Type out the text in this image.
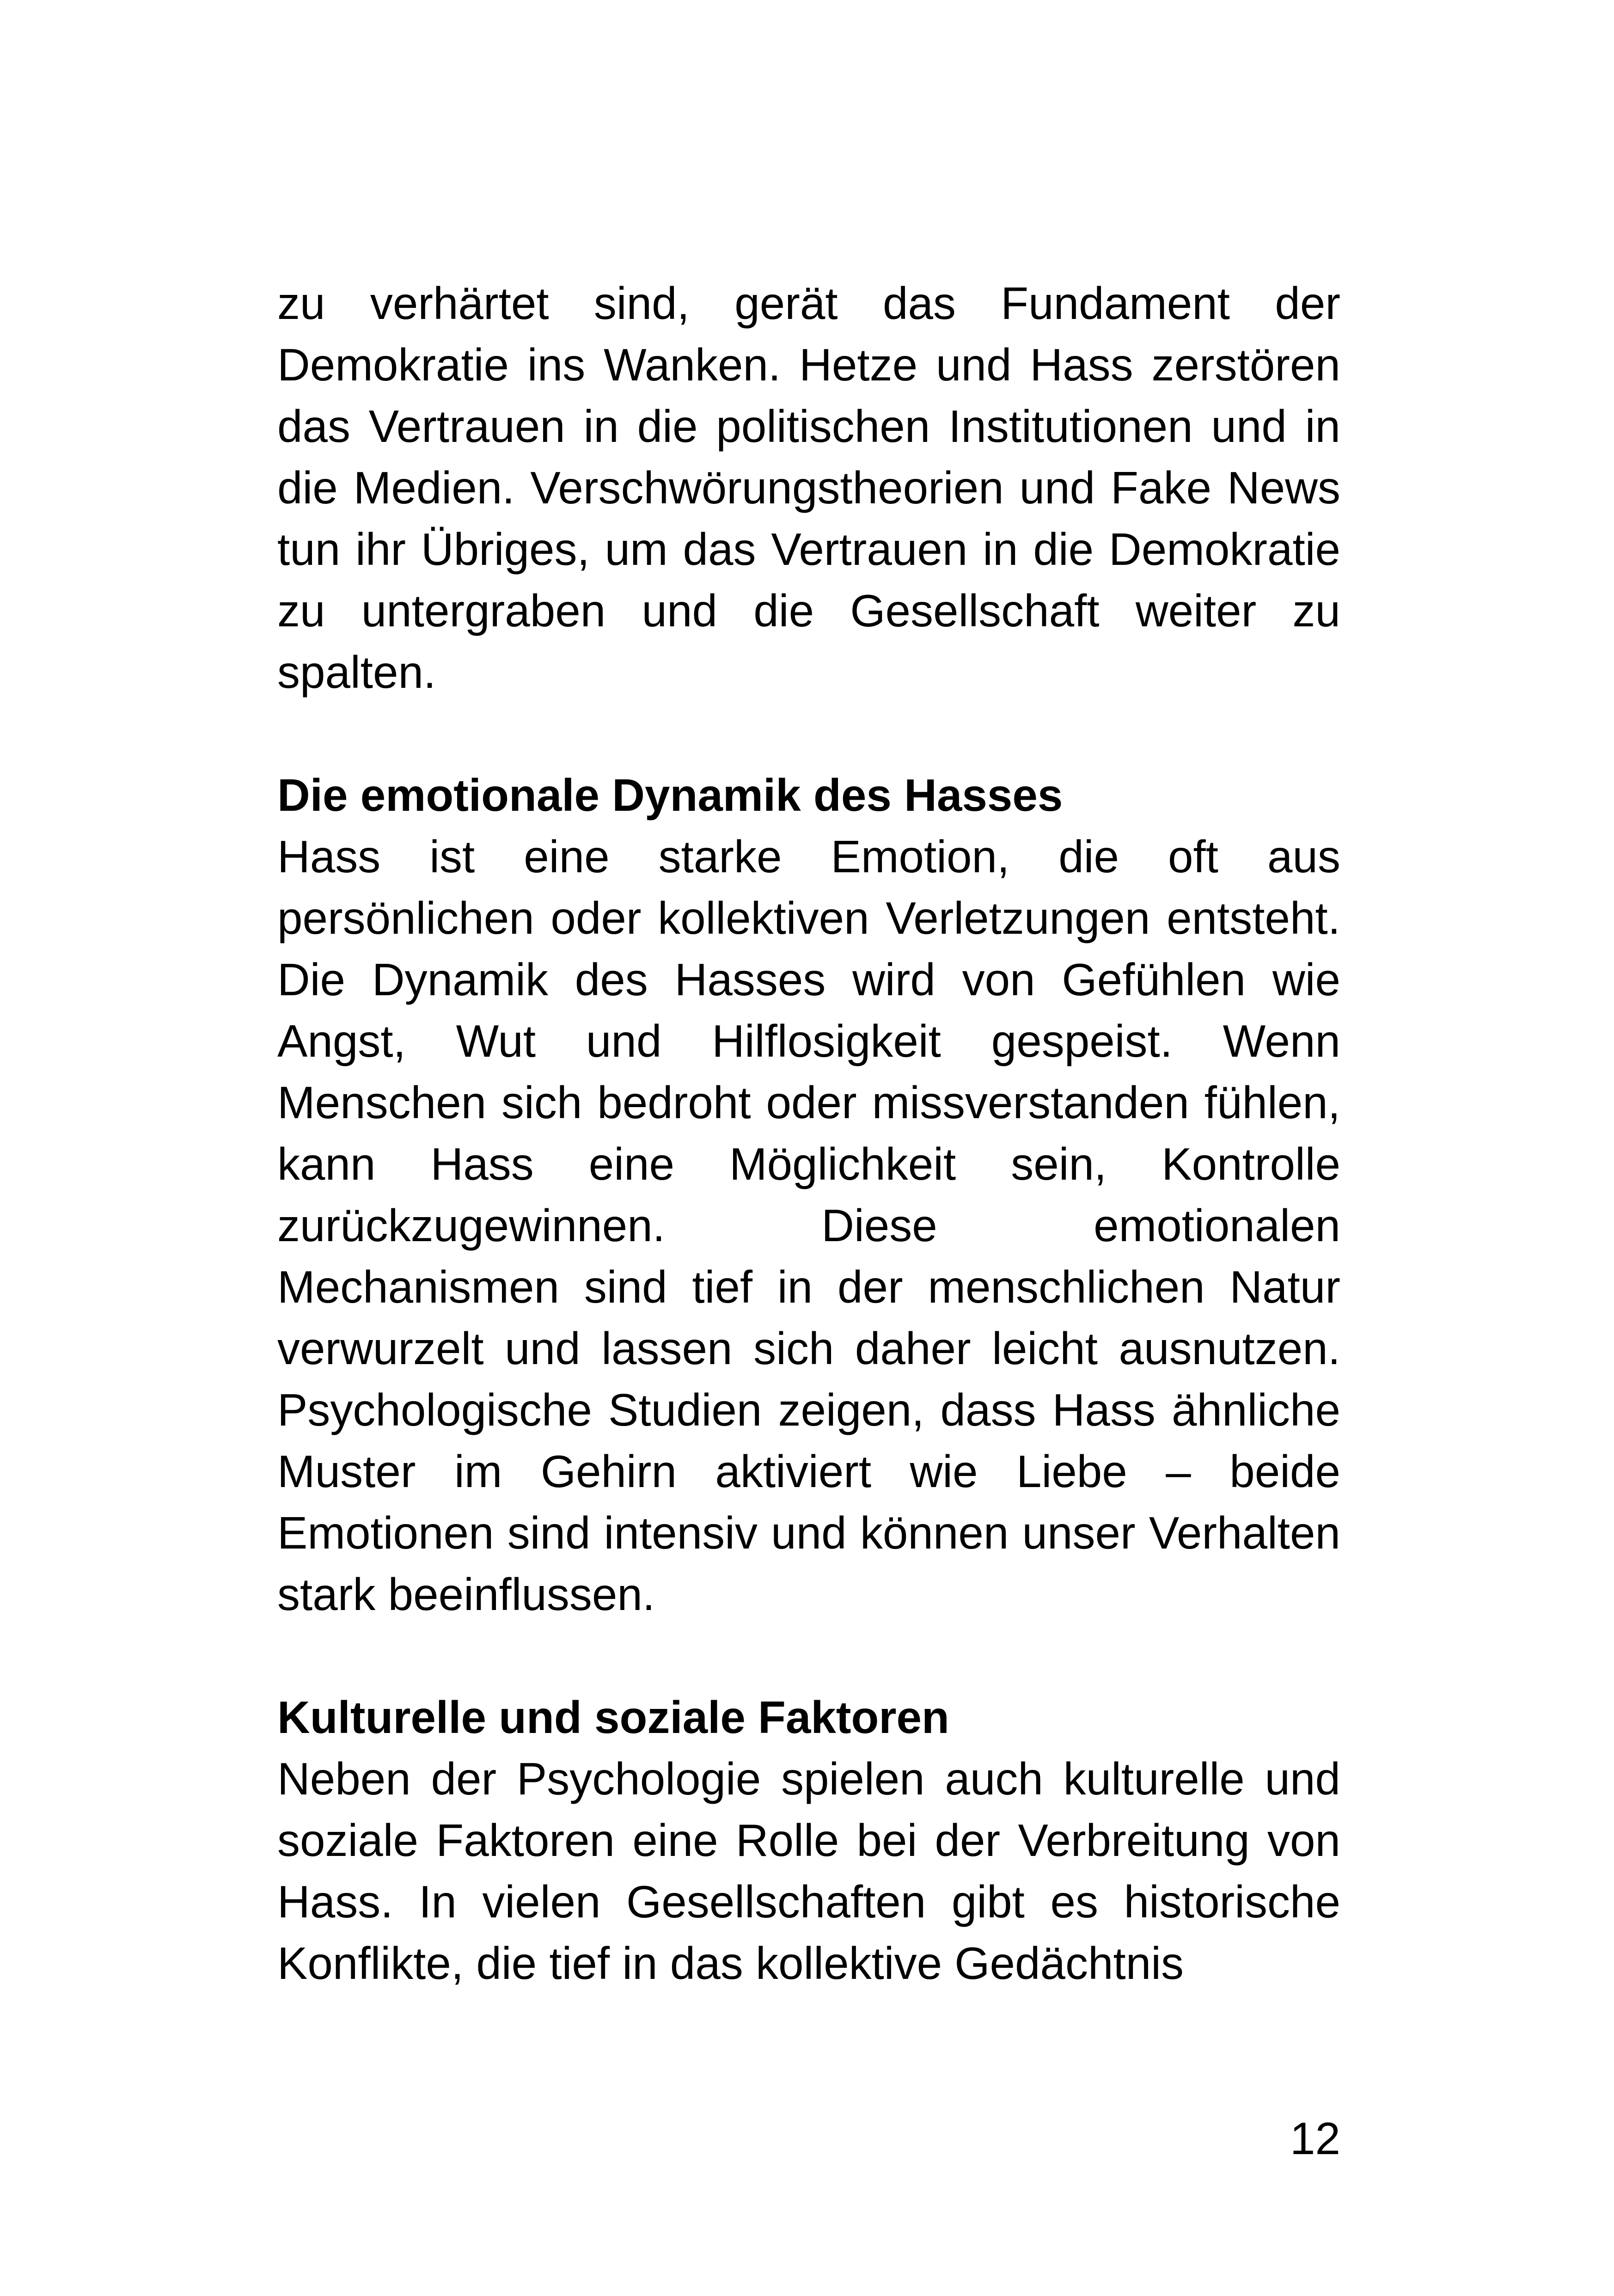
zu verhärtet sind, gerät das Fundament der Demokratie ins Wanken. Hetze und Hass zerstören das Vertrauen in die politischen Institutionen und in die Medien. Verschwörungstheorien und Fake News tun ihr Übriges, um das Vertrauen in die Demokratie zu untergraben und die Gesellschaft weiter zu spalten.

Die emotionale Dynamik des Hasses

Hass ist eine starke Emotion, die oft aus persönlichen oder kollektiven Verletzungen entsteht. Die Dynamik des Hasses wird von Gefühlen wie Angst, Wut und Hilflosigkeit gespeist. Wenn Menschen sich bedroht oder missverstanden fühlen, kann Hass eine Möglichkeit sein, Kontrolle zurückzugewinnen. Diese emotionalen Mechanismen sind tief in der menschlichen Natur verwurzelt und lassen sich daher leicht ausnutzen. Psychologische Studien zeigen, dass Hass ähnliche Muster im Gehirn aktiviert wie Liebe – beide Emotionen sind intensiv und können unser Verhalten stark beeinflussen.

Kulturelle und soziale Faktoren

Neben der Psychologie spielen auch kulturelle und soziale Faktoren eine Rolle bei der Verbreitung von Hass. In vielen Gesellschaften gibt es historische Konflikte, die tief in das kollektive Gedächtnis

12
